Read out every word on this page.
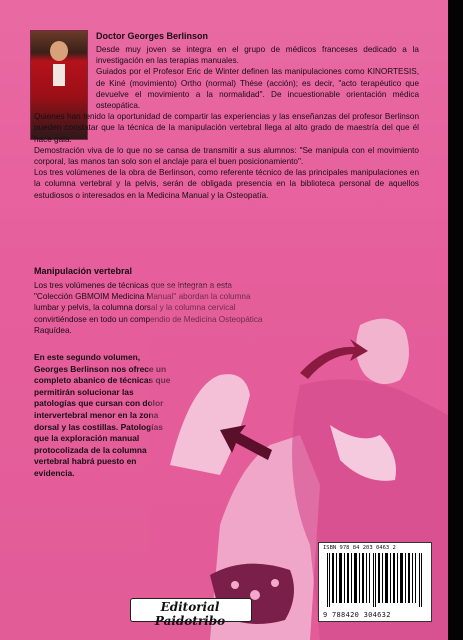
Doctor Georges Berlinson

Desde muy joven se integra en el grupo de médicos franceses dedicado a la investigación en las terapias manuales.

Guiados por el Profesor Eric de Winter definen las manipulaciones como KINORTESIS, de Kiné (movimiento) Ortho (normal) Thése (acción); es decir, "acto terapéutico que devuelve el movimiento a la normalidad". De incuestionable orientación médica osteopática.

Quienes han tenido la oportunidad de compartir las experiencias y las enseñanzas del profesor Berlinson pueden constatar que la técnica de la manipulación vertebral llega al alto grado de maestría del que él hace gala.

Demostración viva de lo que no se cansa de transmitir a sus alumnos: "Se manipula con el movimiento corporal, las manos tan solo son el anclaje para el buen posicionamiento".

Los tres volúmenes de la obra de Berlinson, como referente técnico de las principales manipulaciones en la columna vertebral y la pelvis, serán de obligada presencia en la biblioteca personal de aquellos estudiosos o interesados en la Medicina Manual y la Osteopatía.

Manipulación vertebral

Los tres volúmenes de técnicas que se integran a esta "Colección GBMOIM Medicina Manual" abordan la columna lumbar y pelvis, la columna dorsal y la columna cervical convirtiéndose en todo un compendio de Medicina Osteopática Raquídea.

En este segundo volumen, Georges Berlinson nos ofrece un completo abanico de técnicas que permitirán solucionar las patologías que cursan con dolor intervertebral menor en la zona dorsal y las costillas. Patologías que la exploración manual protocolizada de la columna vertebral habrá puesto en evidencia.

ISBN 978 84 203 0463 2
9 788420 304632
Editorial Paidotribo
